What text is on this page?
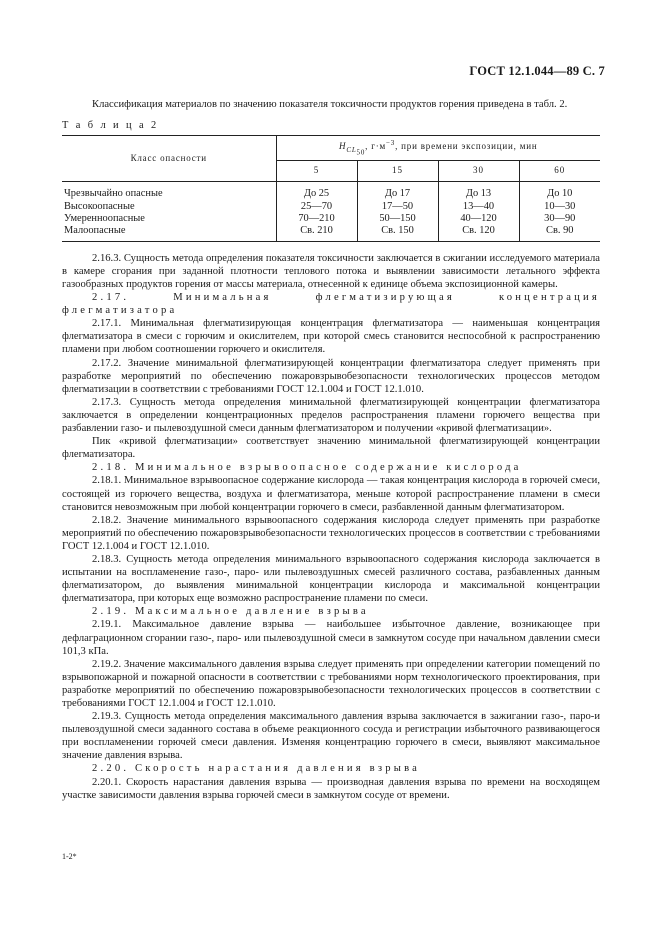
ГОСТ 12.1.044—89 С. 7

Классификация материалов по значению показателя токсичности продуктов горения приведена в табл. 2.

Т а б л и ц а 2

Класс опасности	$H_{CL50}$, $г\cdot м^{-3}$, при времени экспозиции, мин			
	5	15	30	60
Чрезвычайно опасные	До 25	До 17	До 13	До 10
Высокоопасные	25—70	17—50	13—40	10—30
Умеренноопасные	70—210	50—150	40—120	30—90
Малоопасные	Св. 210	Св. 150	Св. 120	Св. 90

2.16.3. Сущность метода определения показателя токсичности заключается в сжигании исследуемого материала в камере сгорания при заданной плотности теплового потока и выявлении зависимости летального эффекта газообразных продуктов горения от массы материала, отнесенной к единице объема экспозиционной камеры.

2.17. Минимальная флегматизирующая концентрация флегматизатора

2.17.1. Минимальная флегматизирующая концентрация флегматизатора — наименьшая концентрация флегматизатора в смеси с горючим и окислителем, при которой смесь становится неспособной к распространению пламени при любом соотношении горючего и окислителя.

2.17.2. Значение минимальной флегматизирующей концентрации флегматизатора следует применять при разработке мероприятий по обеспечению пожаровзрывобезопасности технологических процессов методом флегматизации в соответствии с требованиями ГОСТ 12.1.004 и ГОСТ 12.1.010.

2.17.3. Сущность метода определения минимальной флегматизирующей концентрации флегматизатора заключается в определении концентрационных пределов распространения пламени горючего вещества при разбавлении газо- и пылевоздушной смеси данным флегматизатором и получении «кривой флегматизации».

Пик «кривой флегматизации» соответствует значению минимальной флегматизирующей концентрации флегматизатора.

2.18. Минимальное взрывоопасное содержание кислорода

2.18.1. Минимальное взрывоопасное содержание кислорода — такая концентрация кислорода в горючей смеси, состоящей из горючего вещества, воздуха и флегматизатора, меньше которой распространение пламени в смеси становится невозможным при любой концентрации горючего в смеси, разбавленной данным флегматизатором.

2.18.2. Значение минимального взрывоопасного содержания кислорода следует применять при разработке мероприятий по обеспечению пожаровзрывобезопасности технологических процессов в соответствии с требованиями ГОСТ 12.1.004 и ГОСТ 12.1.010.

2.18.3. Сущность метода определения минимального взрывоопасного содержания кислорода заключается в испытании на воспламенение газо-, паро- или пылевоздушных смесей различного состава, разбавленных данным флегматизатором, до выявления минимальной концентрации кислорода и максимальной концентрации флегматизатора, при которых еще возможно распространение пламени по смеси.

2.19. Максимальное давление взрыва

2.19.1. Максимальное давление взрыва — наибольшее избыточное давление, возникающее при дефлаграционном сгорании газо-, паро- или пылевоздушной смеси в замкнутом сосуде при начальном давлении смеси 101,3 кПа.

2.19.2. Значение максимального давления взрыва следует применять при определении категории помещений по взрывопожарной и пожарной опасности в соответствии с требованиями норм технологического проектирования, при разработке мероприятий по обеспечению пожаровзрывобезопасности технологических процессов в соответствии с требованиями ГОСТ 12.1.004 и ГОСТ 12.1.010.

2.19.3. Сущность метода определения максимального давления взрыва заключается в зажигании газо-, паро-и пылевоздушной смеси заданного состава в объеме реакционного сосуда и регистрации избыточного развивающегося при воспламенении горючей смеси давления. Изменяя концентрацию горючего в смеси, выявляют максимальное значение давления взрыва.

2.20. Скорость нарастания давления взрыва

2.20.1. Скорость нарастания давления взрыва — производная давления взрыва по времени на восходящем участке зависимости давления взрыва горючей смеси в замкнутом сосуде от времени.

1-2*
